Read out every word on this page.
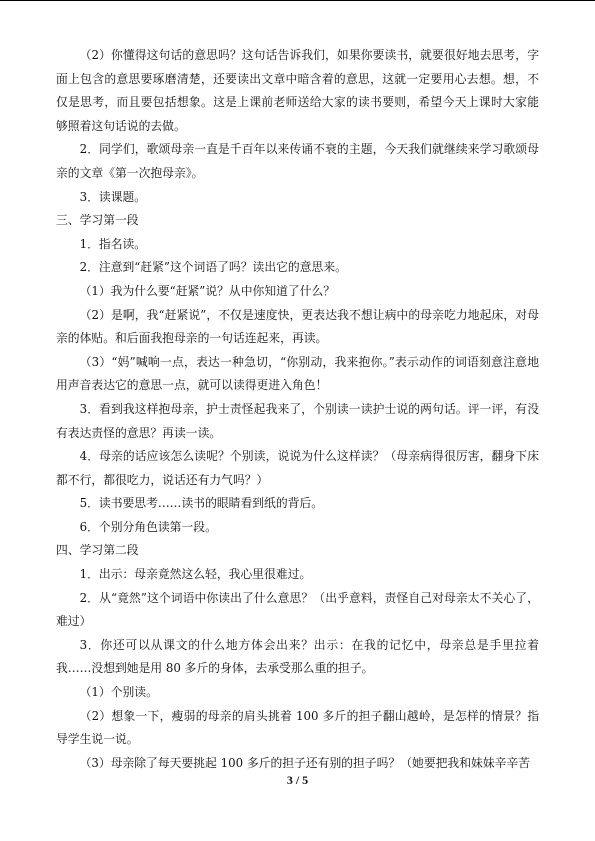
（2）你懂得这句话的意思吗？这句话告诉我们，如果你要读书，就要很好地去思考，字面上包含的意思要琢磨清楚，还要读出文章中暗含着的意思，这就一定要用心去想。想，不仅是思考，而且要包括想象。这是上课前老师送给大家的读书要则，希望今天上课时大家能够照着这句话说的去做。

2．同学们，歌颂母亲一直是千百年以来传诵不衰的主题，今天我们就继续来学习歌颂母亲的文章《第一次抱母亲》。

3．读课题。

三、学习第一段

1．指名读。

2．注意到“赶紧”这个词语了吗？读出它的意思来。

（1）我为什么要“赶紧”说？从中你知道了什么？

（2）是啊，我“赶紧说”，不仅是速度快，更表达我不想让病中的母亲吃力地起床，对母亲的体贴。和后面我抱母亲的一句话连起来，再读。

（3）“妈”喊响一点，表达一种急切，“你别动，我来抱你。”表示动作的词语刻意注意地用声音表达它的意思一点，就可以读得更进入角色！

3．看到我这样抱母亲，护士责怪起我来了，个别读一读护士说的两句话。评一评，有没有表达责怪的意思？再读一读。

4．母亲的话应该怎么读呢？个别读，说说为什么这样读？（母亲病得很厉害，翻身下床都不行，都很吃力，说话还有力气吗？）

5．读书要思考……读书的眼睛看到纸的背后。

6．个别分角色读第一段。

四、学习第二段

1．出示：母亲竟然这么轻，我心里很难过。

2．从“竟然”这个词语中你读出了什么意思？（出乎意料，责怪自己对母亲太不关心了，难过）

3．你还可以从课文的什么地方体会出来？出示：在我的记忆中，母亲总是手里拉着我……没想到她是用 80 多斤的身体，去承受那么重的担子。

（1）个别读。

（2）想象一下，瘦弱的母亲的肩头挑着 100 多斤的担子翻山越岭，是怎样的情景？指导学生说一说。

（3）母亲除了每天要挑起 100 多斤的担子还有别的担子吗？（她要把我和妹妹辛辛苦

3 / 5
